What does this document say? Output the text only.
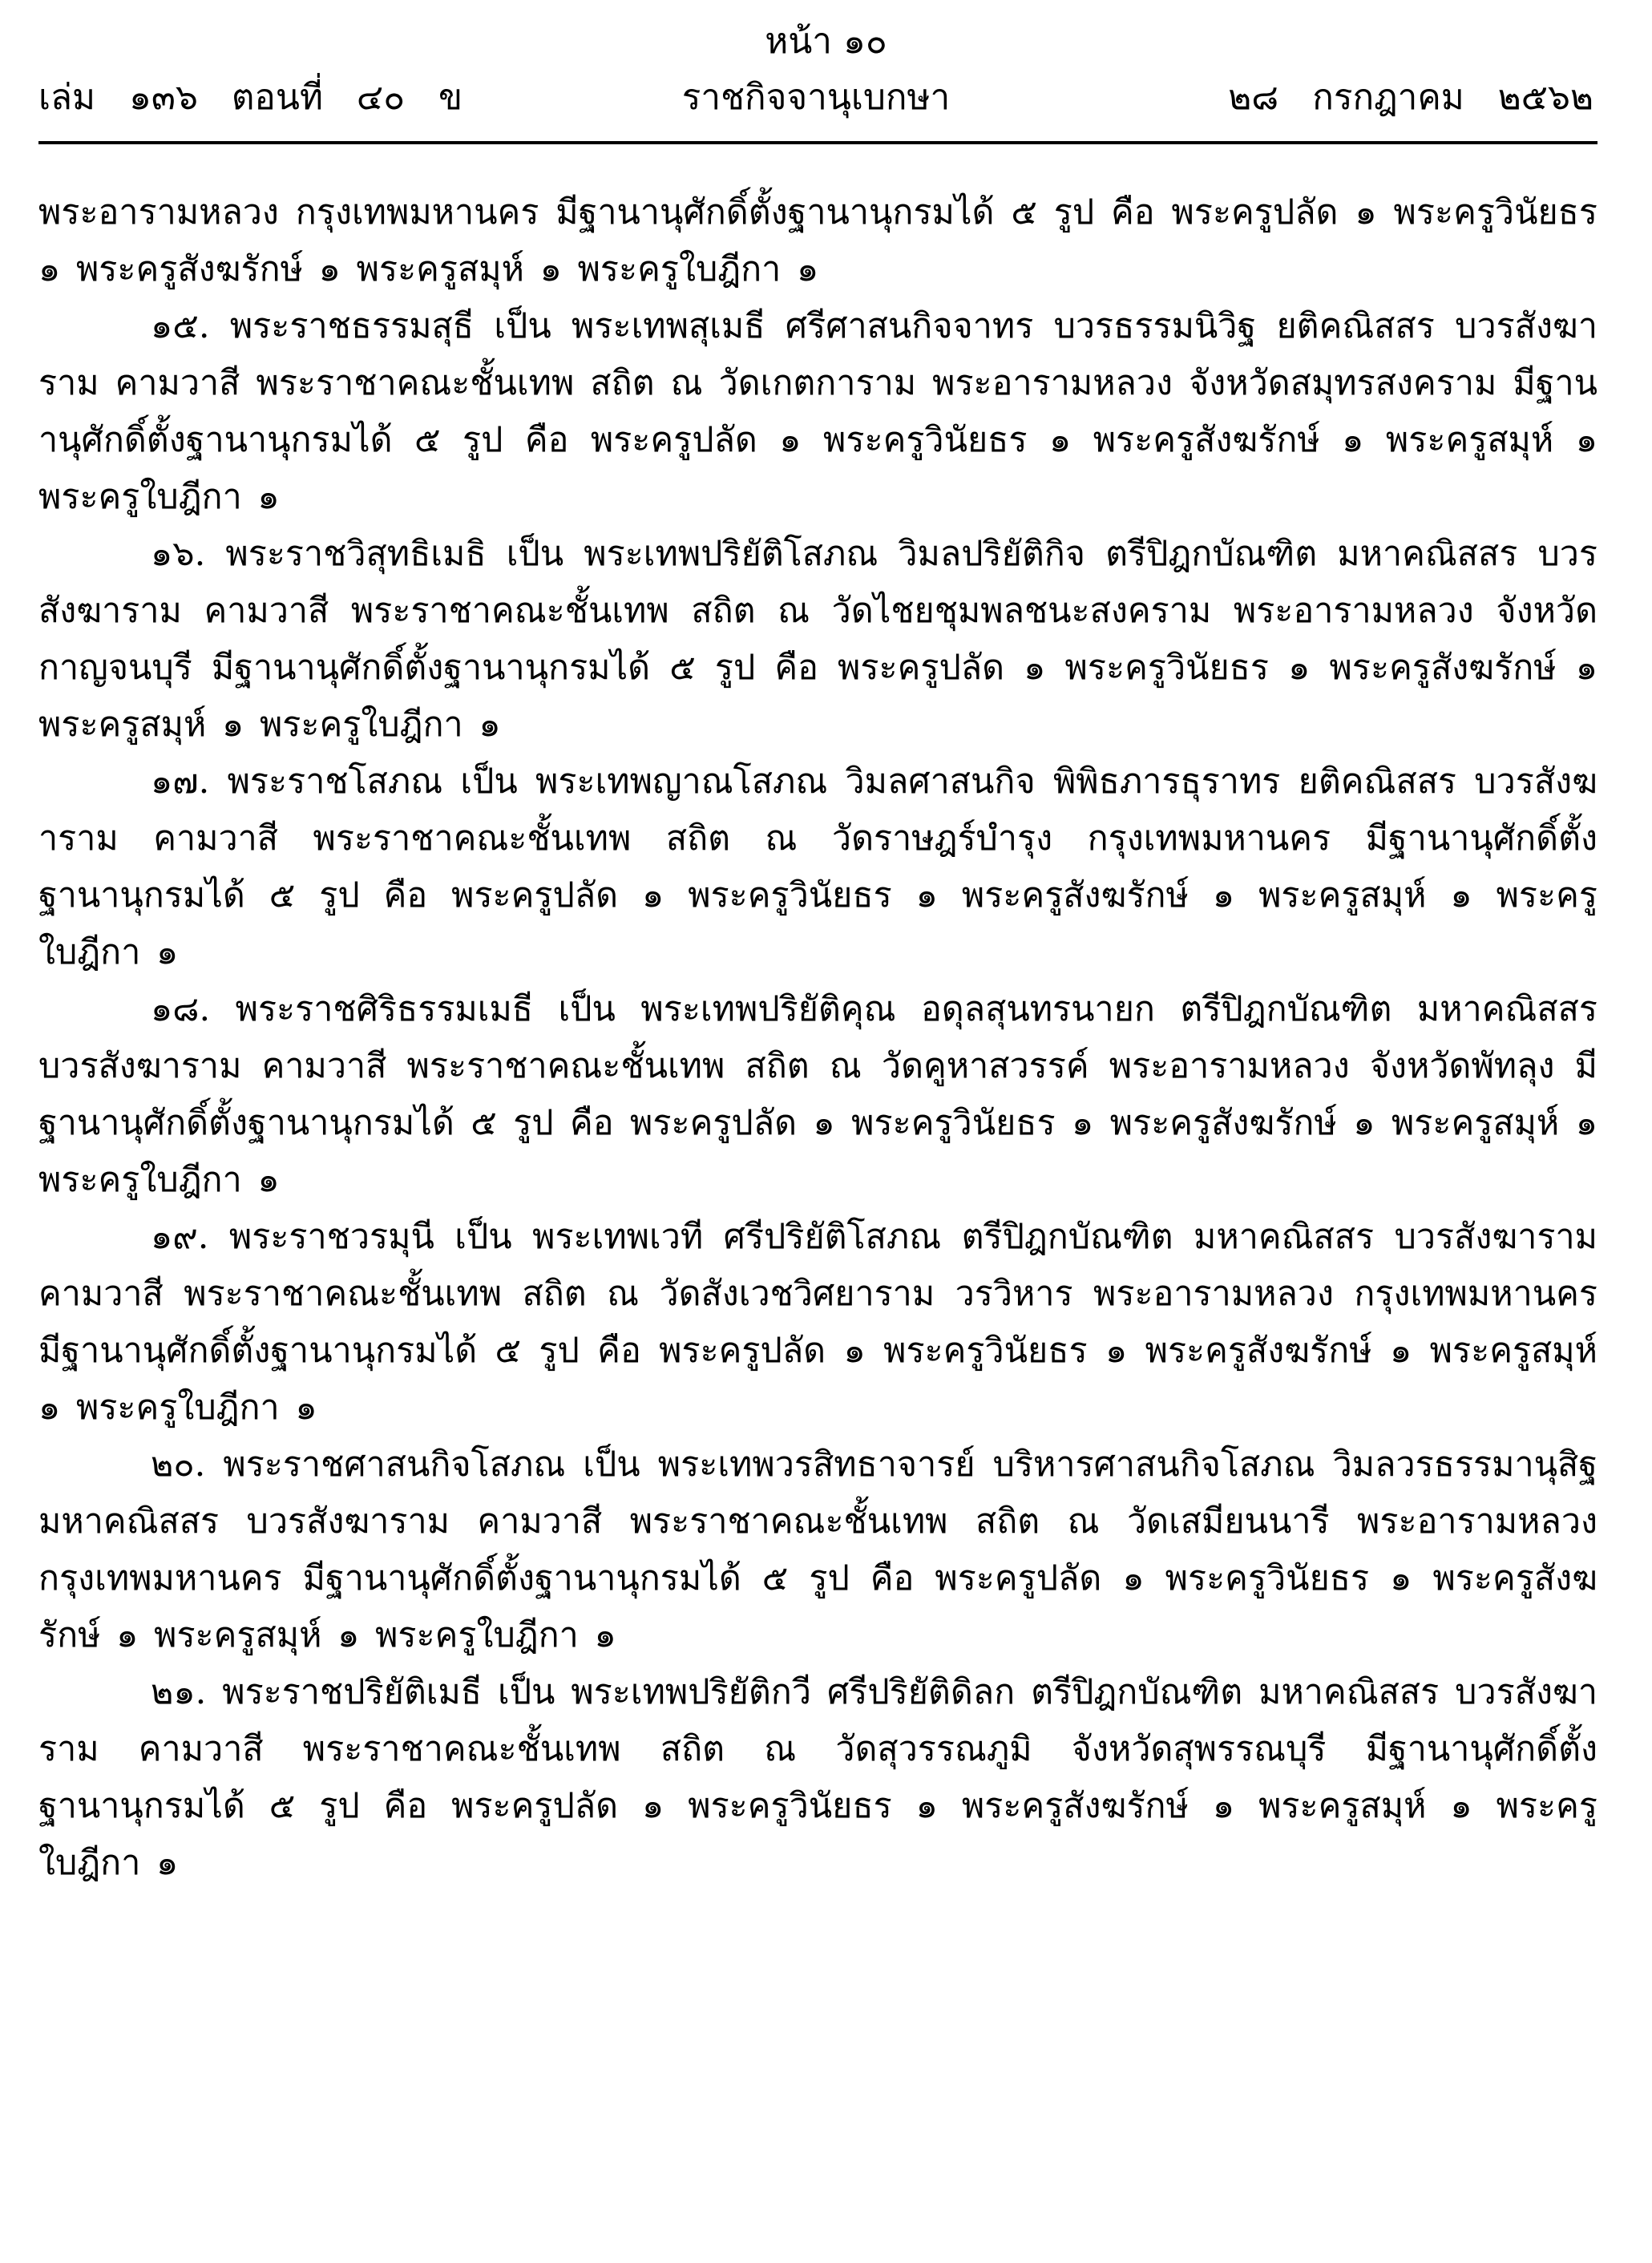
หน้า ๑๐
เล่ม   ๑๓๖   ตอนที่   ๔๐   ข	ราชกิจจานุเบกษา	๒๘   กรกฎาคม   ๒๕๖๒

พระอารามหลวง กรุงเทพมหานคร มีฐานานุศักดิ์ตั้งฐานานุกรมได้ ๕ รูป คือ พระครูปลัด ๑ พระครูวินัยธร ๑ พระครูสังฆรักษ์ ๑ พระครูสมุห์ ๑ พระครูใบฎีกา ๑

๑๕. พระราชธรรมสุธี เป็น พระเทพสุเมธี ศรีศาสนกิจจาทร บวรธรรมนิวิฐ ยติคณิสสร บวรสังฆาราม คามวาสี พระราชาคณะชั้นเทพ สถิต ณ วัดเกตการาม พระอารามหลวง จังหวัดสมุทรสงคราม มีฐานานุศักดิ์ตั้งฐานานุกรมได้ ๕ รูป คือ พระครูปลัด ๑ พระครูวินัยธร ๑ พระครูสังฆรักษ์ ๑ พระครูสมุห์ ๑ พระครูใบฎีกา ๑

๑๖. พระราชวิสุทธิเมธิ เป็น พระเทพปริยัติโสภณ วิมลปริยัติกิจ ตรีปิฎกบัณฑิต มหาคณิสสร บวรสังฆาราม คามวาสี พระราชาคณะชั้นเทพ สถิต ณ วัดไชยชุมพลชนะสงคราม พระอารามหลวง จังหวัดกาญจนบุรี มีฐานานุศักดิ์ตั้งฐานานุกรมได้ ๕ รูป คือ พระครูปลัด ๑ พระครูวินัยธร ๑ พระครูสังฆรักษ์ ๑ พระครูสมุห์ ๑ พระครูใบฎีกา ๑

๑๗. พระราชโสภณ เป็น พระเทพญาณโสภณ วิมลศาสนกิจ พิพิธภารธุราทร ยติคณิสสร บวรสังฆาราม คามวาสี พระราชาคณะชั้นเทพ สถิต ณ วัดราษฎร์บำรุง กรุงเทพมหานคร มีฐานานุศักดิ์ตั้งฐานานุกรมได้ ๕ รูป คือ พระครูปลัด ๑ พระครูวินัยธร ๑ พระครูสังฆรักษ์ ๑ พระครูสมุห์ ๑ พระครูใบฎีกา ๑

๑๘. พระราชศิริธรรมเมธี เป็น พระเทพปริยัติคุณ อดุลสุนทรนายก ตรีปิฎกบัณฑิต มหาคณิสสร บวรสังฆาราม คามวาสี พระราชาคณะชั้นเทพ สถิต ณ วัดคูหาสวรรค์ พระอารามหลวง จังหวัดพัทลุง มีฐานานุศักดิ์ตั้งฐานานุกรมได้ ๕ รูป คือ พระครูปลัด ๑ พระครูวินัยธร ๑ พระครูสังฆรักษ์ ๑ พระครูสมุห์ ๑ พระครูใบฎีกา ๑

๑๙. พระราชวรมุนี เป็น พระเทพเวที ศรีปริยัติโสภณ ตรีปิฎกบัณฑิต มหาคณิสสร บวรสังฆาราม คามวาสี พระราชาคณะชั้นเทพ สถิต ณ วัดสังเวชวิศยาราม วรวิหาร พระอารามหลวง กรุงเทพมหานคร มีฐานานุศักดิ์ตั้งฐานานุกรมได้ ๕ รูป คือ พระครูปลัด ๑ พระครูวินัยธร ๑ พระครูสังฆรักษ์ ๑ พระครูสมุห์ ๑ พระครูใบฎีกา ๑

๒๐. พระราชศาสนกิจโสภณ เป็น พระเทพวรสิทธาจารย์ บริหารศาสนกิจโสภณ วิมลวรธรรมานุสิฐ มหาคณิสสร บวรสังฆาราม คามวาสี พระราชาคณะชั้นเทพ สถิต ณ วัดเสมียนนารี พระอารามหลวง กรุงเทพมหานคร มีฐานานุศักดิ์ตั้งฐานานุกรมได้ ๕ รูป คือ พระครูปลัด ๑ พระครูวินัยธร ๑ พระครูสังฆรักษ์ ๑ พระครูสมุห์ ๑ พระครูใบฎีกา ๑

๒๑. พระราชปริยัติเมธี เป็น พระเทพปริยัติกวี ศรีปริยัติดิลก ตรีปิฎกบัณฑิต มหาคณิสสร บวรสังฆาราม คามวาสี พระราชาคณะชั้นเทพ สถิต ณ วัดสุวรรณภูมิ จังหวัดสุพรรณบุรี มีฐานานุศักดิ์ตั้งฐานานุกรมได้ ๕ รูป คือ พระครูปลัด ๑ พระครูวินัยธร ๑ พระครูสังฆรักษ์ ๑ พระครูสมุห์ ๑ พระครูใบฎีกา ๑
